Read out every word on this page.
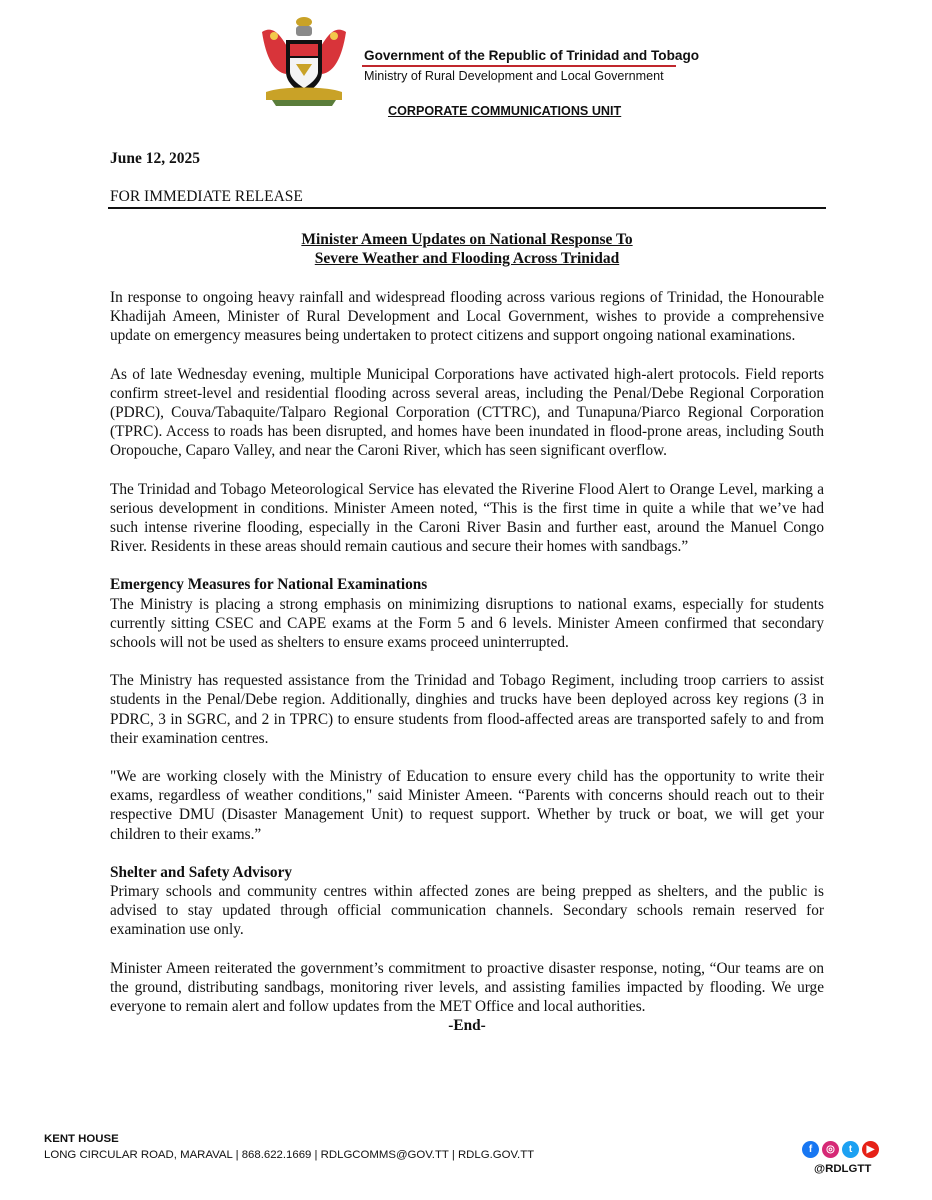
Government of the Republic of Trinidad and Tobago
Ministry of Rural Development and Local Government
CORPORATE COMMUNICATIONS UNIT
June 12, 2025
FOR IMMEDIATE RELEASE
Minister Ameen Updates on National Response To
Severe Weather and Flooding Across Trinidad

In response to ongoing heavy rainfall and widespread flooding across various regions of Trinidad, the Honourable Khadijah Ameen, Minister of Rural Development and Local Government, wishes to provide a comprehensive update on emergency measures being undertaken to protect citizens and support ongoing national examinations.

As of late Wednesday evening, multiple Municipal Corporations have activated high-alert protocols. Field reports confirm street-level and residential flooding across several areas, including the Penal/Debe Regional Corporation (PDRC), Couva/Tabaquite/Talparo Regional Corporation (CTTRC), and Tunapuna/Piarco Regional Corporation (TPRC). Access to roads has been disrupted, and homes have been inundated in flood-prone areas, including South Oropouche, Caparo Valley, and near the Caroni River, which has seen significant overflow.

The Trinidad and Tobago Meteorological Service has elevated the Riverine Flood Alert to Orange Level, marking a serious development in conditions. Minister Ameen noted, “This is the first time in quite a while that we’ve had such intense riverine flooding, especially in the Caroni River Basin and further east, around the Manuel Congo River. Residents in these areas should remain cautious and secure their homes with sandbags.”

Emergency Measures for National Examinations

The Ministry is placing a strong emphasis on minimizing disruptions to national exams, especially for students currently sitting CSEC and CAPE exams at the Form 5 and 6 levels. Minister Ameen confirmed that secondary schools will not be used as shelters to ensure exams proceed uninterrupted.

The Ministry has requested assistance from the Trinidad and Tobago Regiment, including troop carriers to assist students in the Penal/Debe region. Additionally, dinghies and trucks have been deployed across key regions (3 in PDRC, 3 in SGRC, and 2 in TPRC) to ensure students from flood-affected areas are transported safely to and from their examination centres.

"We are working closely with the Ministry of Education to ensure every child has the opportunity to write their exams, regardless of weather conditions," said Minister Ameen. “Parents with concerns should reach out to their respective DMU (Disaster Management Unit) to request support. Whether by truck or boat, we will get your children to their exams.”

Shelter and Safety Advisory

Primary schools and community centres within affected zones are being prepped as shelters, and the public is advised to stay updated through official communication channels. Secondary schools remain reserved for examination use only.

Minister Ameen reiterated the government’s commitment to proactive disaster response, noting, “Our teams are on the ground, distributing sandbags, monitoring river levels, and assisting families impacted by flooding. We urge everyone to remain alert and follow updates from the MET Office and local authorities.

-End-

KENT HOUSE
LONG CIRCULAR ROAD, MARAVAL | 868.622.1669 | RDLGCOMMS@GOV.TT | RDLG.GOV.TT	f	◎	t	▶
@RDLGTT
